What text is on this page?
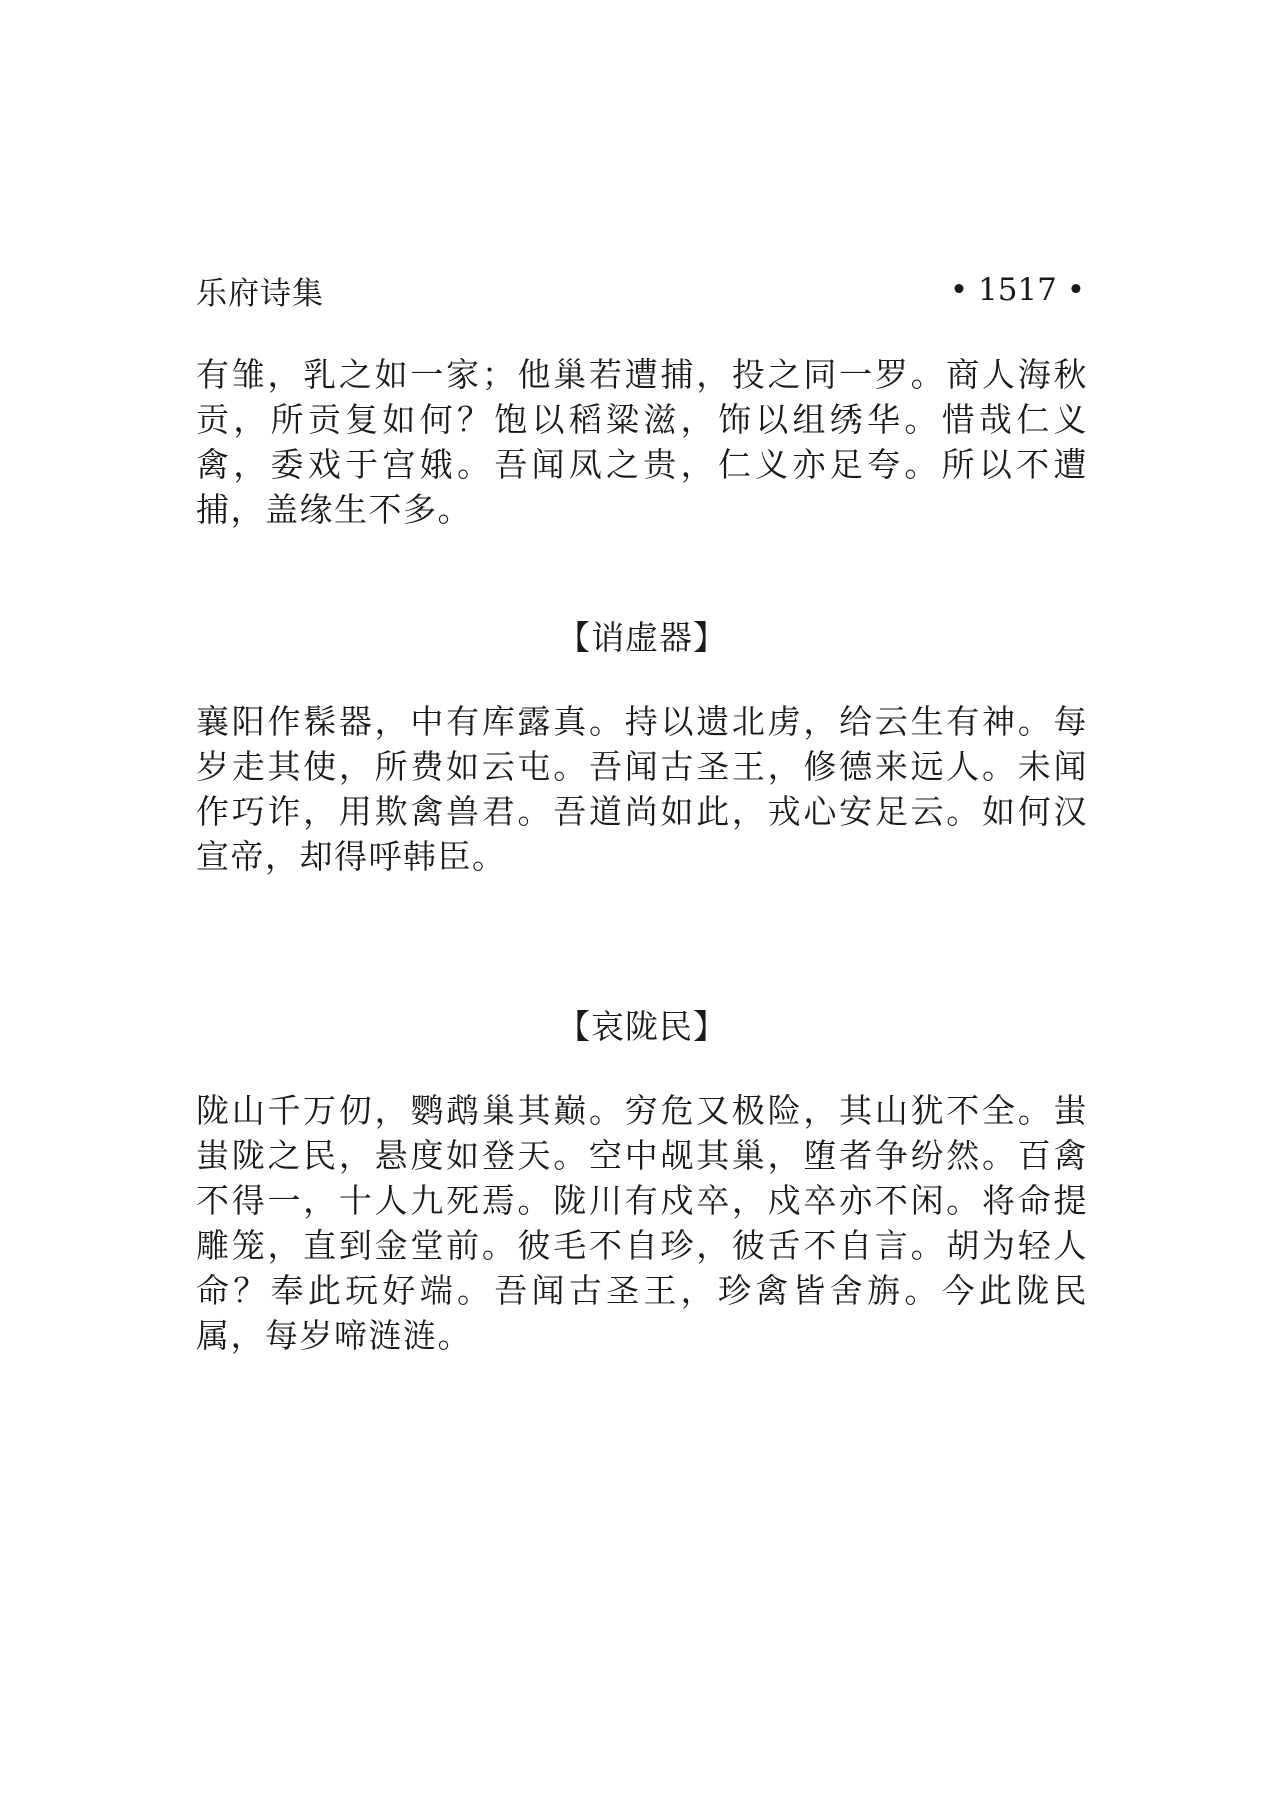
乐府诗集	• 1517 •

有雏，乳之如一家；他巢若遭捕，投之同一罗。商人海秋贡，所贡复如何？饱以稻粱滋，饰以组绣华。惜哉仁义禽，委戏于宫娥。吾闻凤之贵，仁义亦足夸。所以不遭捕，盖缘生不多。

【诮虚器】

襄阳作髹器，中有库露真。持以遗北虏，给云生有神。每岁走其使，所费如云屯。吾闻古圣王，修德来远人。未闻作巧诈，用欺禽兽君。吾道尚如此，戎心安足云。如何汉宣帝，却得呼韩臣。

【哀陇民】

陇山千万仞，鹦鹉巢其巅。穷危又极险，其山犹不全。蚩蚩陇之民，悬度如登天。空中觇其巢，堕者争纷然。百禽不得一，十人九死焉。陇川有戍卒，戍卒亦不闲。将命提雕笼，直到金堂前。彼毛不自珍，彼舌不自言。胡为轻人命？奉此玩好端。吾闻古圣王，珍禽皆舍旃。今此陇民属，每岁啼涟涟。
